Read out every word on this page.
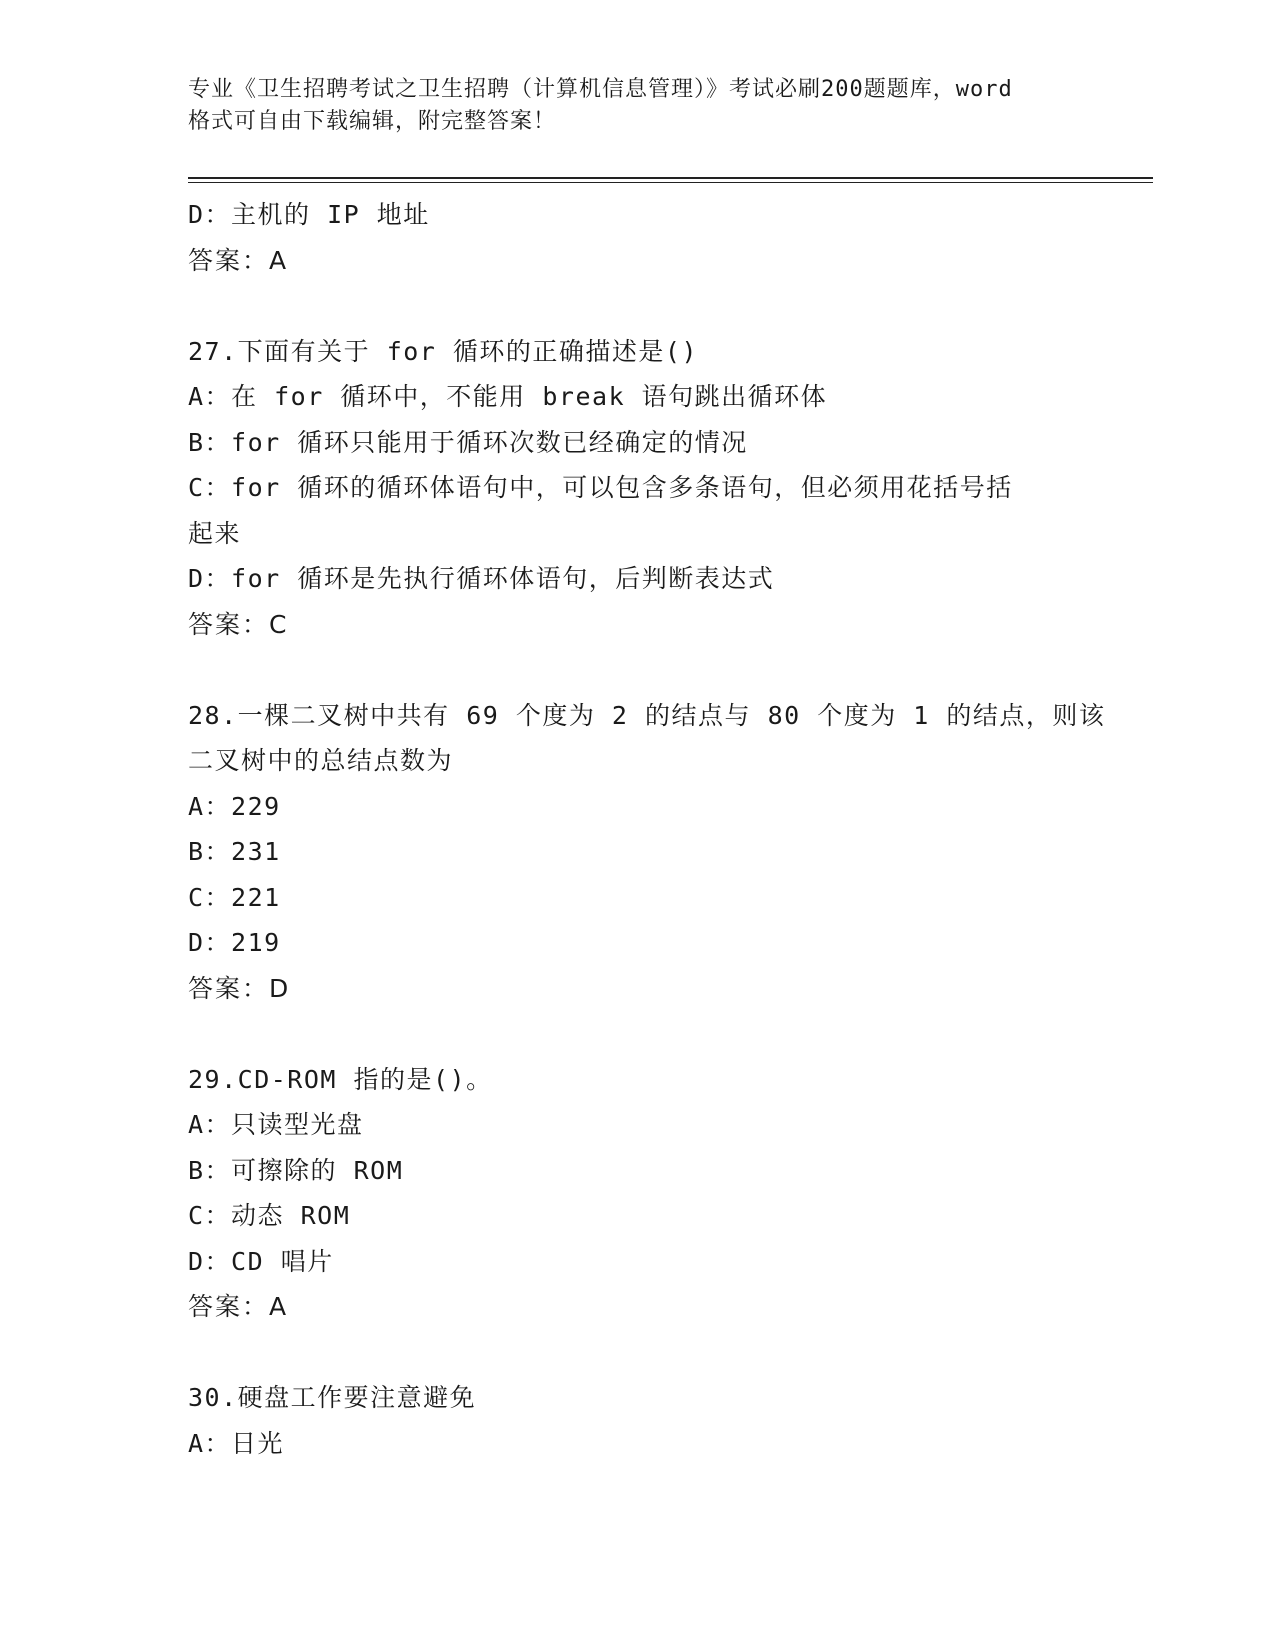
专业《卫生招聘考试之卫生招聘（计算机信息管理）》考试必刷200题题库，word
格式可自由下载编辑，附完整答案！
D：主机的 IP 地址
答案：A
27.下面有关于 for 循环的正确描述是()
A：在 for 循环中，不能用 break 语句跳出循环体
B：for 循环只能用于循环次数已经确定的情况
C：for 循环的循环体语句中，可以包含多条语句，但必须用花括号括
起来
D：for 循环是先执行循环体语句，后判断表达式
答案：C
28.一棵二叉树中共有 69 个度为 2 的结点与 80 个度为 1 的结点，则该
二叉树中的总结点数为
A：229
B：231
C：221
D：219
答案：D
29.CD-ROM 指的是()。
A：只读型光盘
B：可擦除的 ROM
C：动态 ROM
D：CD 唱片
答案：A
30.硬盘工作要注意避免
A：日光
